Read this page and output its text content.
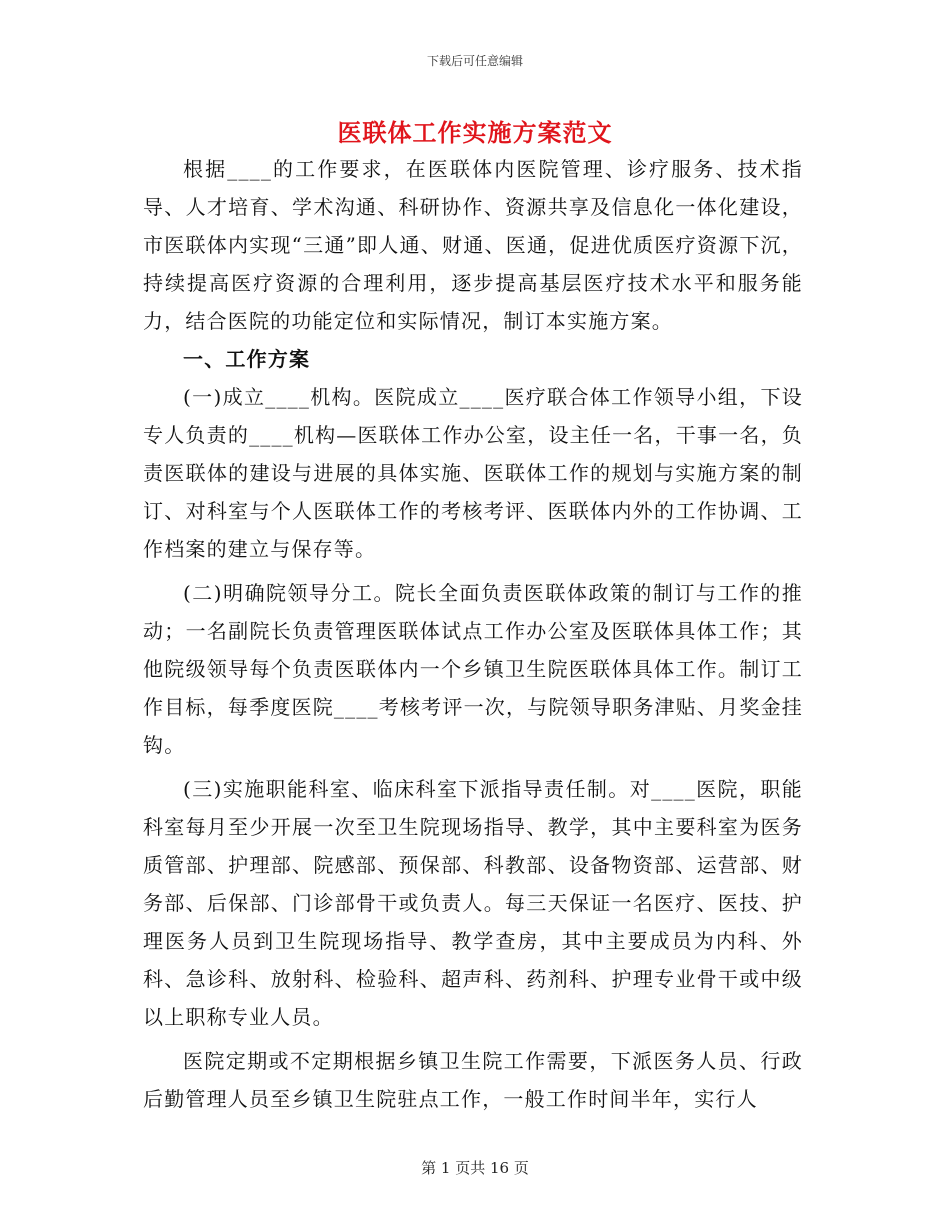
下载后可任意编辑
医联体工作实施方案范文

根据____的工作要求，在医联体内医院管理、诊疗服务、技术指导、人才培育、学术沟通、科研协作、资源共享及信息化一体化建设，市医联体内实现“三通”即人通、财通、医通，促进优质医疗资源下沉，持续提高医疗资源的合理利用，逐步提高基层医疗技术水平和服务能力，结合医院的功能定位和实际情况，制订本实施方案。

一、工作方案

(一)成立____机构。医院成立____医疗联合体工作领导小组，下设专人负责的____机构—医联体工作办公室，设主任一名，干事一名，负责医联体的建设与进展的具体实施、医联体工作的规划与实施方案的制订、对科室与个人医联体工作的考核考评、医联体内外的工作协调、工作档案的建立与保存等。

(二)明确院领导分工。院长全面负责医联体政策的制订与工作的推动；一名副院长负责管理医联体试点工作办公室及医联体具体工作；其他院级领导每个负责医联体内一个乡镇卫生院医联体具体工作。制订工作目标，每季度医院____考核考评一次，与院领导职务津贴、月奖金挂钩。

(三)实施职能科室、临床科室下派指导责任制。对____医院，职能科室每月至少开展一次至卫生院现场指导、教学，其中主要科室为医务质管部、护理部、院感部、预保部、科教部、设备物资部、运营部、财务部、后保部、门诊部骨干或负责人。每三天保证一名医疗、医技、护理医务人员到卫生院现场指导、教学查房，其中主要成员为内科、外科、急诊科、放射科、检验科、超声科、药剂科、护理专业骨干或中级以上职称专业人员。

医院定期或不定期根据乡镇卫生院工作需要，下派医务人员、行政后勤管理人员至乡镇卫生院驻点工作，一般工作时间半年，实行人

第 1 页共 16 页
